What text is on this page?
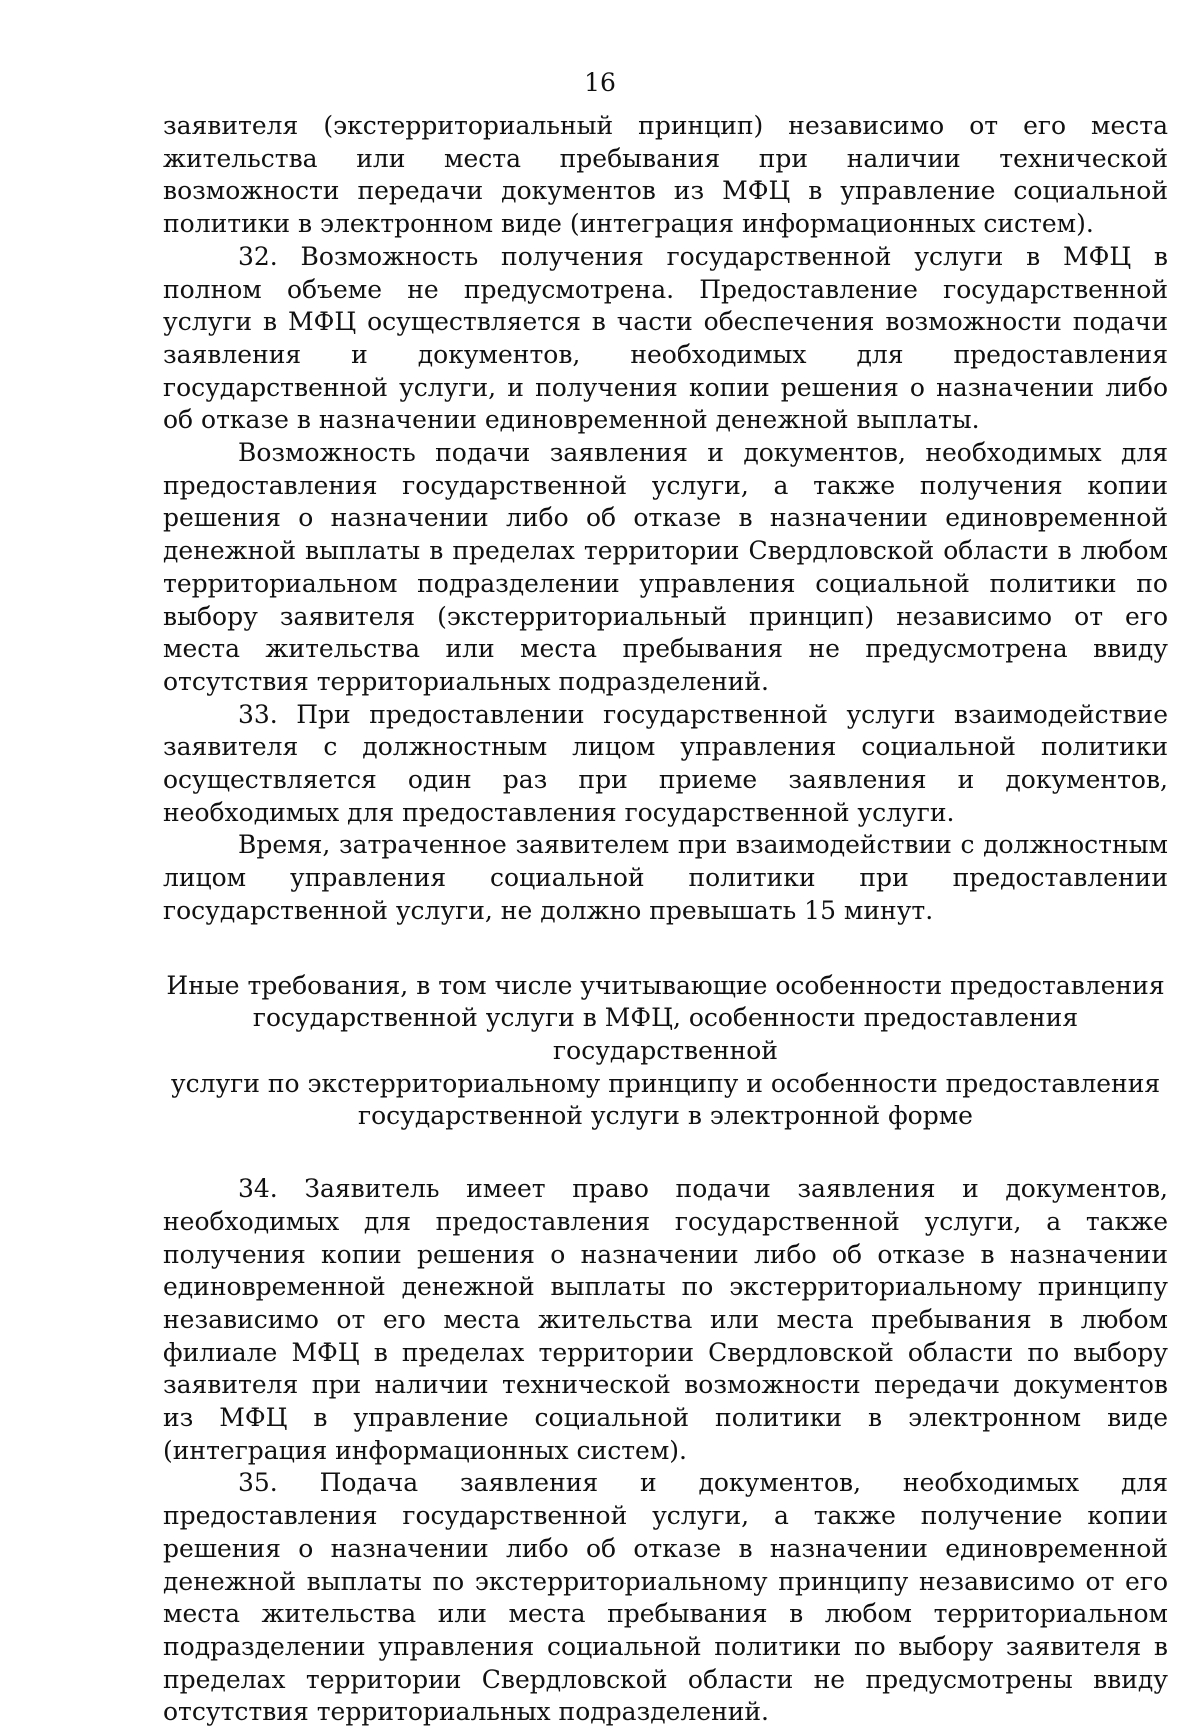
16

заявителя (экстерриториальный принцип) независимо от его места жительства или места пребывания при наличии технической возможности передачи документов из МФЦ в управление социальной политики в электронном виде (интеграция информационных систем).

32. Возможность получения государственной услуги в МФЦ в полном объеме не предусмотрена. Предоставление государственной услуги в МФЦ осуществляется в части обеспечения возможности подачи заявления и документов, необходимых для предоставления государственной услуги, и получения копии решения о назначении либо об отказе в назначении единовременной денежной выплаты.

Возможность подачи заявления и документов, необходимых для предоставления государственной услуги, а также получения копии решения о назначении либо об отказе в назначении единовременной денежной выплаты в пределах территории Свердловской области в любом территориальном подразделении управления социальной политики по выбору заявителя (экстерриториальный принцип) независимо от его места жительства или места пребывания не предусмотрена ввиду отсутствия территориальных подразделений.

33. При предоставлении государственной услуги взаимодействие заявителя с должностным лицом управления социальной политики осуществляется один раз при приеме заявления и документов, необходимых для предоставления государственной услуги.

Время, затраченное заявителем при взаимодействии с должностным лицом управления социальной политики при предоставлении государственной услуги, не должно превышать 15 минут.

Иные требования, в том числе учитывающие особенности предоставления
государственной услуги в МФЦ, особенности предоставления государственной
услуги по экстерриториальному принципу и особенности предоставления
государственной услуги в электронной форме

34. Заявитель имеет право подачи заявления и документов, необходимых для предоставления государственной услуги, а также получения копии решения о назначении либо об отказе в назначении единовременной денежной выплаты по экстерриториальному принципу независимо от его места жительства или места пребывания в любом филиале МФЦ в пределах территории Свердловской области по выбору заявителя при наличии технической возможности передачи документов из МФЦ в управление социальной политики в электронном виде (интеграция информационных систем).

35. Подача заявления и документов, необходимых для предоставления государственной услуги, а также получение копии решения о назначении либо об отказе в назначении единовременной денежной выплаты по экстерриториальному принципу независимо от его места жительства или места пребывания в любом территориальном подразделении управления социальной политики по выбору заявителя в пределах территории Свердловской области не предусмотрены ввиду отсутствия территориальных подразделений.
